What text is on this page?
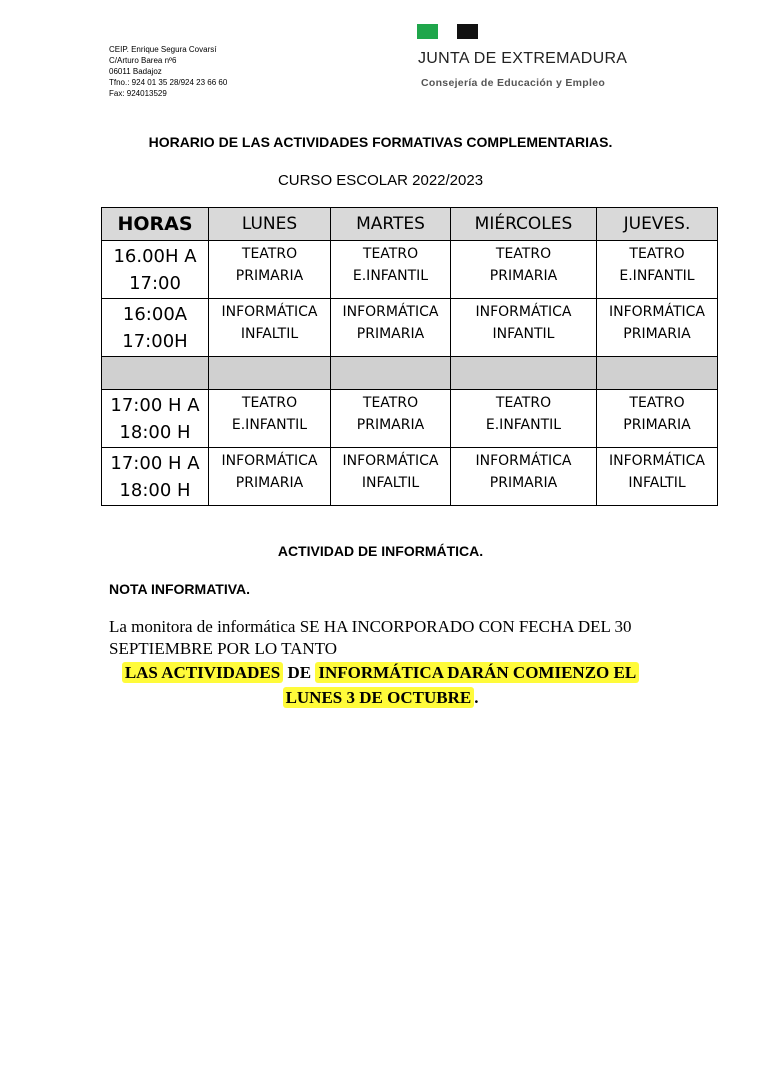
CEIP. Enrique Segura Covarsí
C/Arturo Barea nº6
06011 Badajoz
Tfno.: 924 01 35 28/924 23 66 60
Fax: 924013529
JUNTA DE EXTREMADURA
Consejería de Educación y Empleo
HORARIO DE LAS ACTIVIDADES FORMATIVAS COMPLEMENTARIAS.
CURSO ESCOLAR 2022/2023
HORAS	LUNES	MARTES	MIÉRCOLES	JUEVES.

16.00H A
17:00	TEATRO
PRIMARIA	TEATRO
E.INFANTIL	TEATRO
PRIMARIA	TEATRO
E.INFANTIL

16:00A
17:00H	INFORMÁTICA
INFALTIL	INFORMÁTICA
PRIMARIA	INFORMÁTICA
INFANTIL	INFORMÁTICA
PRIMARIA

17:00 H A
18:00 H	TEATRO
E.INFANTIL	TEATRO
PRIMARIA	TEATRO
E.INFANTIL	TEATRO
PRIMARIA

17:00 H A
18:00 H	INFORMÁTICA
PRIMARIA	INFORMÁTICA
INFALTIL	INFORMÁTICA
PRIMARIA	INFORMÁTICA
INFALTIL
ACTIVIDAD DE INFORMÁTICA.
NOTA INFORMATIVA.
La monitora de informática SE HA INCORPORADO CON FECHA DEL 30 SEPTIEMBRE POR LO TANTO
LAS ACTIVIDADES DE INFORMÁTICA DARÁN COMIENZO EL
LUNES 3 DE OCTUBRE .
